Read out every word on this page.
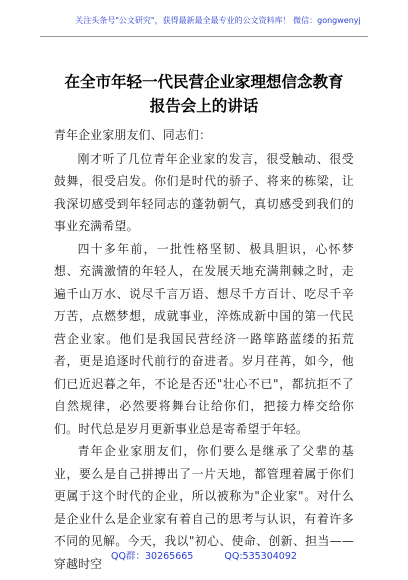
关注头条号"公文研究"，获得最新最全最专业的公文资料库！ 微信：gongwenyj
在全市年轻一代民营企业家理想信念教育
报告会上的讲话

青年企业家朋友们、同志们：

刚才听了几位青年企业家的发言，很受触动、很受鼓舞，很受启发。你们是时代的骄子、将来的栋梁，让我深切感受到年轻同志的蓬勃朝气，真切感受到我们的事业充满希望。

四十多年前，一批性格坚韧、极具胆识，心怀梦想、充满激情的年轻人，在发展天地充满荆棘之时，走遍千山万水、说尽千言万语、想尽千方百计、吃尽千辛万苦，点燃梦想，成就事业，淬炼成新中国的第一代民营企业家。他们是我国民营经济一路筚路蓝缕的拓荒者，更是追逐时代前行的奋进者。岁月荏苒，如今，他们已近迟暮之年，不论是否还"壮心不已"，都抗拒不了自然规律，必然要将舞台让给你们，把接力棒交给你们。时代总是岁月更新事业总是寄希望于年轻。

青年企业家朋友们，你们要么是继承了父辈的基业，要么是自己拼搏出了一片天地，都管理着属于你们更属于这个时代的企业，所以被称为"企业家"。对什么是企业什么是企业家有着自己的思考与认识，有着许多不同的见解。今天，我以"初心、使命、创新、担当——穿越时空 QQ群：30265665	QQ:535304092
